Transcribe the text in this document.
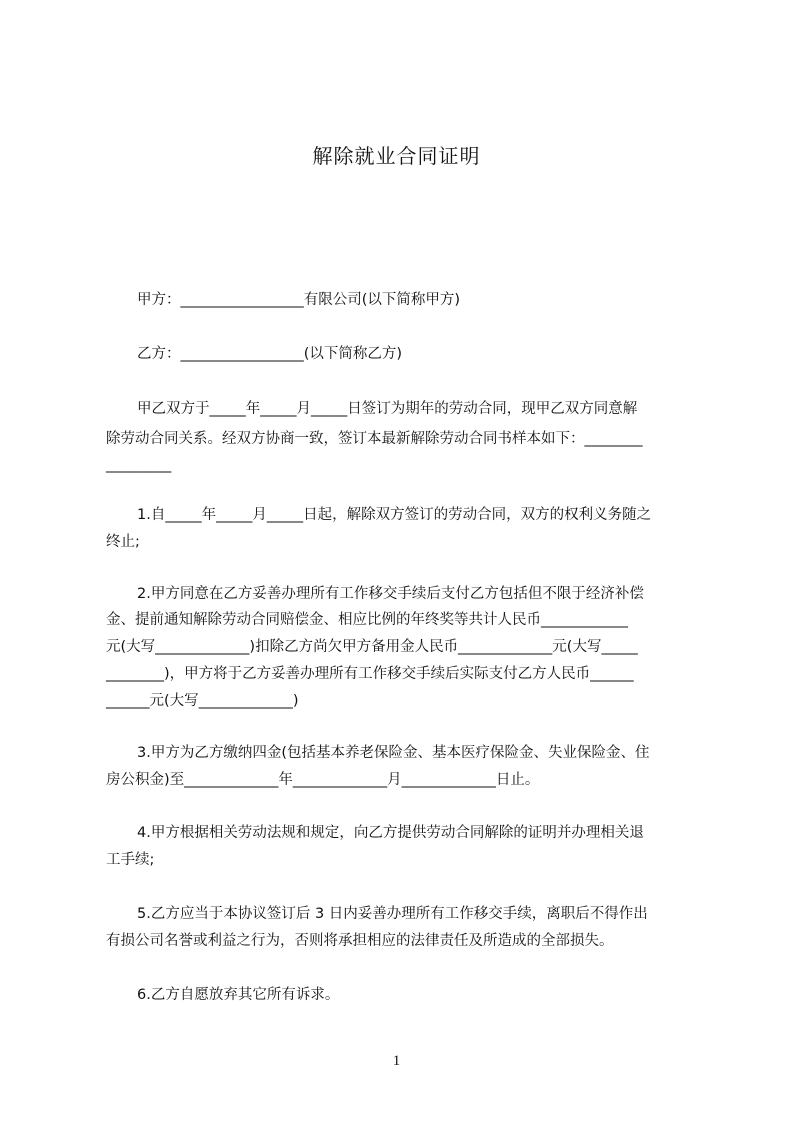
解除就业合同证明

甲方：_________________有限公司(以下简称甲方)

乙方：_________________(以下简称乙方)

甲乙双方于_____年_____月_____日签订为期年的劳动合同，现甲乙双方同意解

除劳动合同关系。经双方协商一致，签订本最新解除劳动合同书样本如下：________

_________

1.自_____年_____月_____日起，解除双方签订的劳动合同，双方的权利义务随之

终止;

2.甲方同意在乙方妥善办理所有工作移交手续后支付乙方包括但不限于经济补偿

金、提前通知解除劳动合同赔偿金、相应比例的年终奖等共计人民币____________

元(大写_____________)扣除乙方尚欠甲方备用金人民币_____________元(大写_____

________)，甲方将于乙方妥善办理所有工作移交手续后实际支付乙方人民币______

______元(大写_____________)

3.甲方为乙方缴纳四金(包括基本养老保险金、基本医疗保险金、失业保险金、住

房公积金)至_____________年_____________月_____________日止。

4.甲方根据相关劳动法规和规定，向乙方提供劳动合同解除的证明并办理相关退

工手续;

5.乙方应当于本协议签订后 3 日内妥善办理所有工作移交手续，离职后不得作出

有损公司名誉或利益之行为，否则将承担相应的法律责任及所造成的全部损失。

6.乙方自愿放弃其它所有诉求。

1
